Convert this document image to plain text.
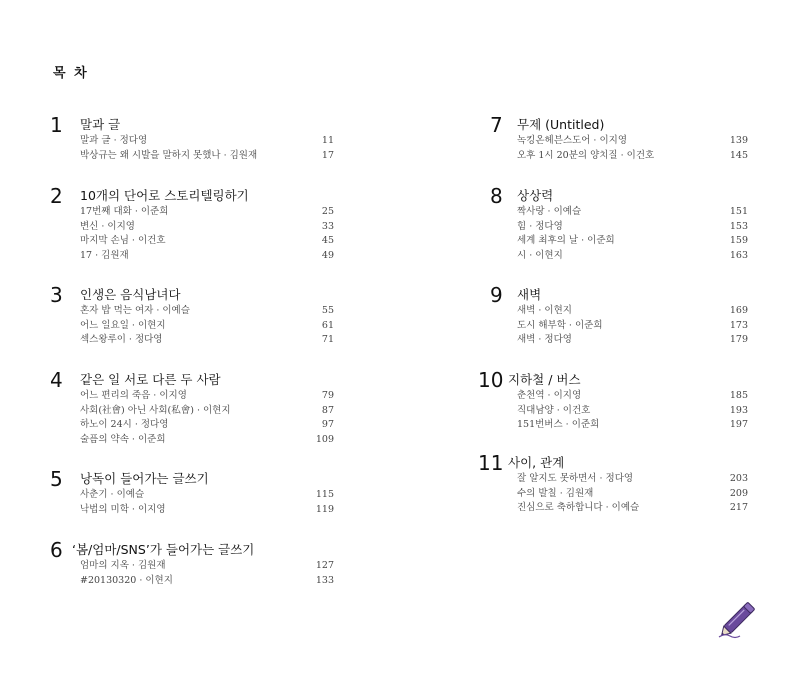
목 차
1 말과 글
말과 글 · 정다영	11
박상규는 왜 시발을 말하지 못했나 · 김원재	17
2 10개의 단어로 스토리텔링하기
17번째 대화 · 이준희	25
변신 · 이지영	33
마지막 손님 · 이건호	45
17 · 김원재	49
3 인생은 음식남녀다
혼자 밥 먹는 여자 · 이예슬	55
어느 일요일 · 이현지	61
섹스왕루이 · 정다영	71
4 같은 일 서로 다른 두 사람
어느 편리의 죽음 · 이지영	79
사회(社會) 아닌 사회(私會) · 이현지	87
하노이 24시 · 정다영	97
술픔의 약속 · 이준희	109
5 낭독이 들어가는 글쓰기
사춘기 · 이예슬	115
낙법의 미학 · 이지영	119
6 ‘봄/엄마/SNS’가 들어가는 글쓰기
엄마의 지옥 · 김원재	127
#20130320 · 이현지	133
7 무제 (Untitled)
녹킹온헤븐스도어 · 이지영	139
오후 1시 20분의 양치질 · 이건호	145
8 상상력
짝사랑 · 이예슬	151
힘 · 정다영	153
세계 최후의 날 · 이준희	159
시 · 이현지	163
9 새벽
새벽 · 이현지	169
도시 해부학 · 이준희	173
새벽 · 정다영	179
10 지하철 / 버스
춘천역 · 이지영	185
직대남양 · 이건호	193
151번버스 · 이준희	197
11 사이, 관계
잘 알지도 못하면서 · 정다영	203
수의 발칠 · 김원재	209
진심으로 축하합니다 · 이예슬	217
